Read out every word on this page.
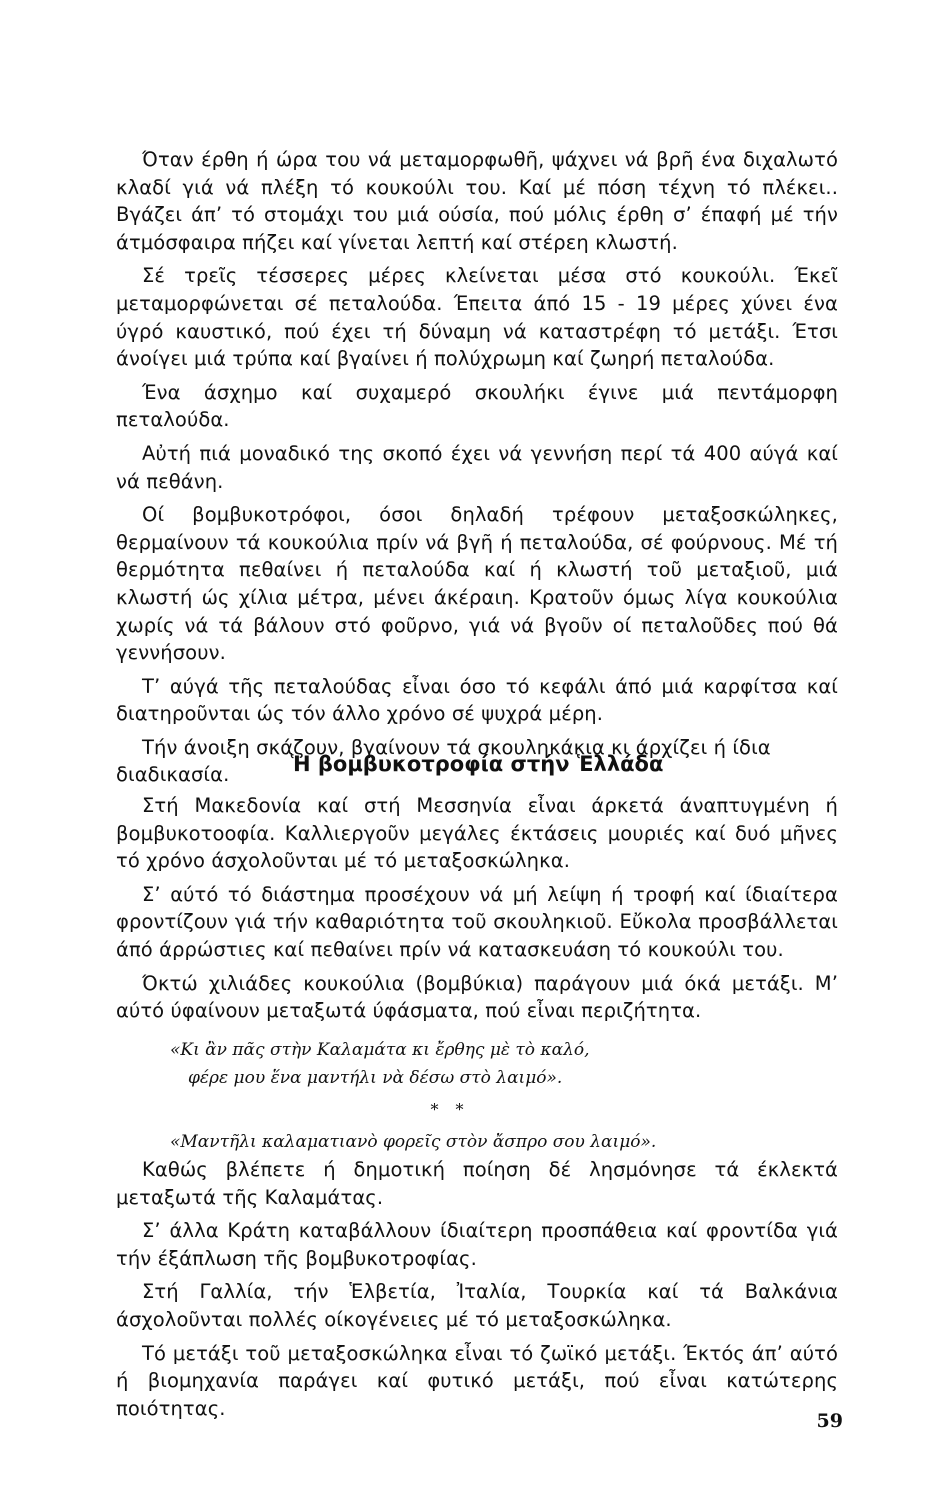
Όταν έρθη ή ώρα του νά μεταμορφωθῆ, ψάχνει νά βρῆ ένα διχαλωτό κλαδί γιά νά πλέξη τό κουκούλι του. Καί μέ πόση τέχνη τό πλέκει.. Βγάζει άπ’ τό στομάχι του μιά ούσία, πού μόλις έρθη σ’ έπαφή μέ τήν άτμόσφαιρα πήζει καί γίνεται λεπτή καί στέρεη κλωστή.

Σέ τρεῖς τέσσερες μέρες κλείνεται μέσα στό κουκούλι. Έκεῖ μεταμορφώνεται σέ πεταλούδα. Έπειτα άπό 15 - 19 μέρες χύνει ένα ύγρό καυστικό, πού έχει τή δύναμη νά καταστρέφη τό μετάξι. Έτσι άνοίγει μιά τρύπα καί βγαίνει ή πολύχρωμη καί ζωηρή πεταλούδα.

Ένα άσχημο καί συχαμερό σκουλήκι έγινε μιά πεντάμορφη πεταλούδα.

Αὐτή πιά μοναδικό της σκοπό έχει νά γεννήση περί τά 400 αύγά καί νά πεθάνη.

Οί βομβυκοτρόφοι, όσοι δηλαδή τρέφουν μεταξοσκώληκες, θερμαίνουν τά κουκούλια πρίν νά βγῆ ή πεταλούδα, σέ φούρνους. Μέ τή θερμότητα πεθαίνει ή πεταλούδα καί ή κλωστή τοῦ μεταξιοῦ, μιά κλωστή ώς χίλια μέτρα, μένει άκέραιη. Κρατοῦν όμως λίγα κουκούλια χωρίς νά τά βάλουν στό φοῦρνο, γιά νά βγοῦν οί πεταλοῦδες πού θά γεννήσουν.

Τ’ αύγά τῆς πεταλούδας εἶναι όσο τό κεφάλι άπό μιά καρφίτσα καί διατηροῦνται ώς τόν άλλο χρόνο σέ ψυχρά μέρη.

Τήν άνοιξη σκάζουν, βγαίνουν τά σκουληκάκια κι άρχίζει ή ίδια διαδικασία.	Ἡ βομβυκοτροφία στήν Ἑλλάδα

Στή Μακεδονία καί στή Μεσσηνία εἶναι άρκετά άναπτυγμένη ή βομβυκοτοοφία. Καλλιεργοῦν μεγάλες έκτάσεις μουριές καί δυό μῆνες τό χρόνο άσχολοῦνται μέ τό μεταξοσκώληκα.

Σ’ αύτό τό διάστημα προσέχουν νά μή λείψη ή τροφή καί ίδιαίτερα φροντίζουν γιά τήν καθαριότητα τοῦ σκουληκιοῦ. Εὔκολα προσβάλλεται άπό άρρώστιες καί πεθαίνει πρίν νά κατασκευάση τό κουκούλι του.

Όκτώ χιλιάδες κουκούλια (βομβύκια) παράγουν μιά όκά μετάξι. Μ’ αύτό ύφαίνουν μεταξωτά ύφάσματα, πού εἶναι περιζήτητα.

«Κι ἂν πᾶς στὴν Καλαμάτα κι ἔρθης μὲ τὸ καλό,

φέρε μου ἕνα μαντήλι νὰ δέσω στὸ λαιμό».

* *

«Μαντῆλι καλαματιανὸ φορεῖς στὸν ἄσπρο σου λαιμό».

Καθώς βλέπετε ή δημοτική ποίηση δέ λησμόνησε τά έκλεκτά μεταξωτά τῆς Καλαμάτας.

Σ’ άλλα Κράτη καταβάλλουν ίδιαίτερη προσπάθεια καί φροντίδα γιά τήν έξάπλωση τῆς βομβυκοτροφίας.

Στή Γαλλία, τήν Ἑλβετία, Ἰταλία, Τουρκία καί τά Βαλκάνια άσχολοῦνται πολλές οίκογένειες μέ τό μεταξοσκώληκα.

Τό μετάξι τοῦ μεταξοσκώληκα εἶναι τό ζωϊκό μετάξι. Έκτός άπ’ αύτό ή βιομηχανία παράγει καί φυτικό μετάξι, πού εἶναι κατώτερης ποιότητας.

59
